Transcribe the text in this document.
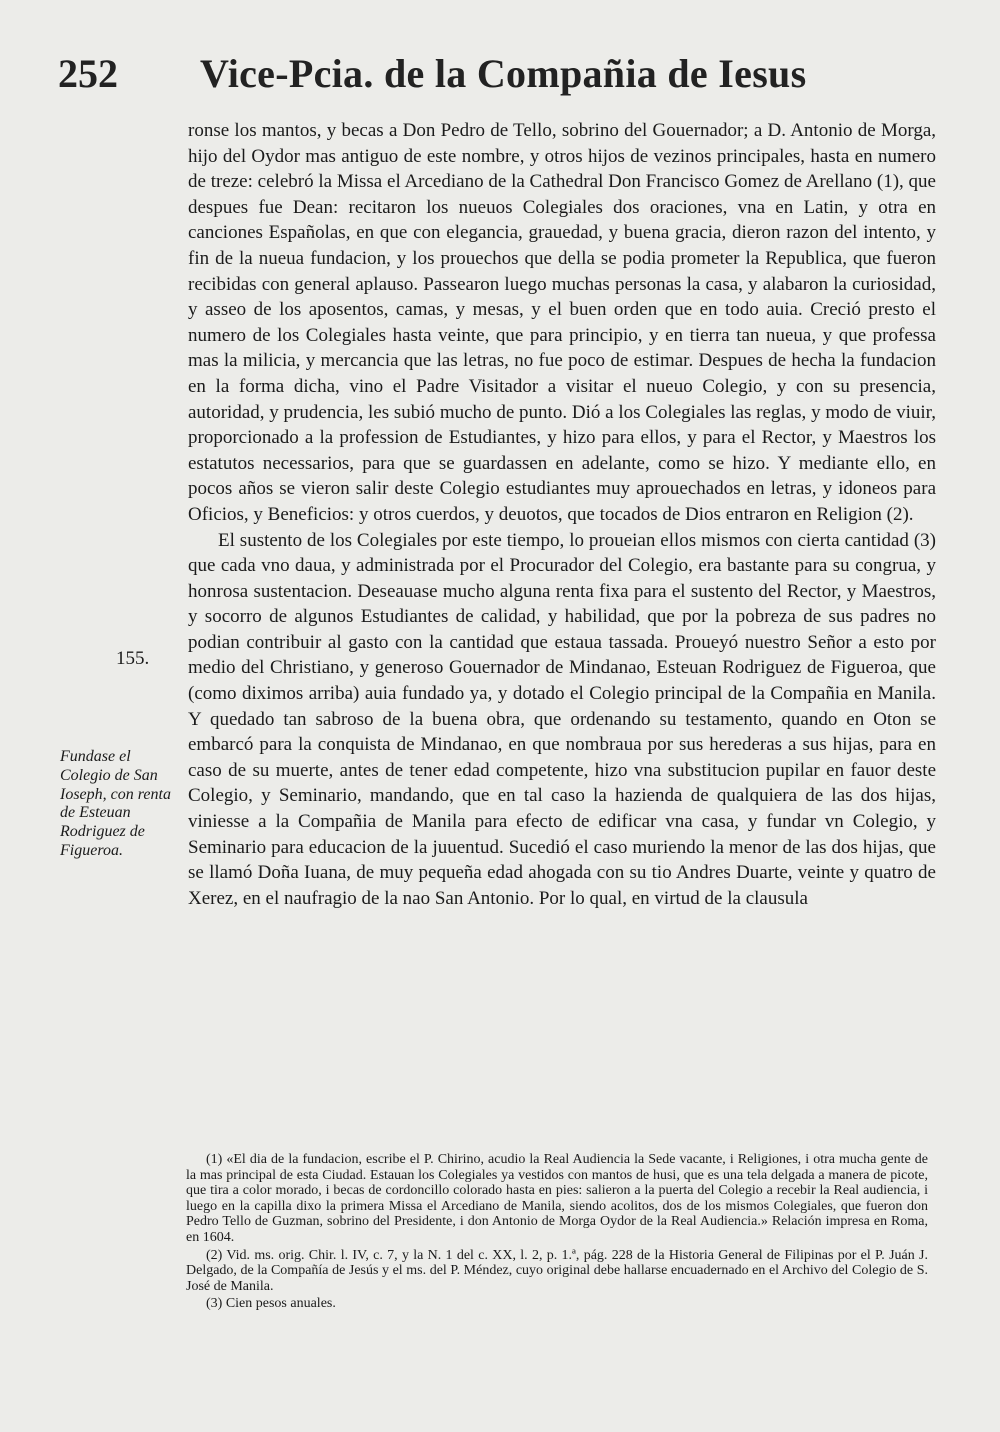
252 Vice-Pcia. de la Compañia de Iesus

ronse los mantos, y becas a Don Pedro de Tello, sobrino del Gouernador; a D. Antonio de Morga, hijo del Oydor mas antiguo de este nombre, y otros hijos de vezinos principales, hasta en numero de treze: celebró la Missa el Arcediano de la Cathedral Don Francisco Gomez de Arellano (1), que despues fue Dean: recitaron los nueuos Colegiales dos oraciones, vna en Latin, y otra en canciones Españolas, en que con elegancia, grauedad, y buena gracia, dieron razon del intento, y fin de la nueua fundacion, y los prouechos que della se podia prometer la Republica, que fueron recibidas con general aplauso. Passearon luego muchas personas la casa, y alabaron la curiosidad, y asseo de los aposentos, camas, y mesas, y el buen orden que en todo auia. Creció presto el numero de los Colegiales hasta veinte, que para principio, y en tierra tan nueua, y que professa mas la milicia, y mercancia que las letras, no fue poco de estimar. Despues de hecha la fundacion en la forma dicha, vino el Padre Visitador a visitar el nueuo Colegio, y con su presencia, autoridad, y prudencia, les subió mucho de punto. Dió a los Colegiales las reglas, y modo de viuir, proporcionado a la profession de Estudiantes, y hizo para ellos, y para el Rector, y Maestros los estatutos necessarios, para que se guardassen en adelante, como se hizo. Y mediante ello, en pocos años se vieron salir deste Colegio estudiantes muy aprouechados en letras, y idoneos para Oficios, y Beneficios: y otros cuerdos, y deuotos, que tocados de Dios entraron en Religion (2).

El sustento de los Colegiales por este tiempo, lo proueian ellos mismos con cierta cantidad (3) que cada vno daua, y administrada por el Procurador del Colegio, era bastante para su congrua, y honrosa sustentacion. Deseauase mucho alguna renta fixa para el sustento del Rector, y Maestros, y socorro de algunos Estudiantes de calidad, y habilidad, que por la pobreza de sus padres no podian contribuir al gasto con la cantidad que estaua tassada. Proueyó nuestro Señor a esto por medio del Christiano, y generoso Gouernador de Mindanao, Esteuan Rodriguez de Figueroa, que (como diximos arriba) auia fundado ya, y dotado el Colegio principal de la Compañia en Manila. Y quedado tan sabroso de la buena obra, que ordenando su testamento, quando en Oton se embarcó para la conquista de Mindanao, en que nombraua por sus herederas a sus hijas, para en caso de su muerte, antes de tener edad competente, hizo vna substitucion pupilar en fauor deste Colegio, y Seminario, mandando, que en tal caso la hazienda de qualquiera de las dos hijas, viniesse a la Compañia de Manila para efecto de edificar vna casa, y fundar vn Colegio, y Seminario para educacion de la juuentud. Sucedió el caso muriendo la menor de las dos hijas, que se llamó Doña Iuana, de muy pequeña edad ahogada con su tio Andres Duarte, veinte y quatro de Xerez, en el naufragio de la nao San Antonio. Por lo qual, en virtud de la clausula

155.

Fundase el Colegio de San Ioseph, con renta de Esteuan Rodriguez de Figueroa.

(1) «El dia de la fundacion, escribe el P. Chirino, acudio la Real Audiencia la Sede vacante, i Religiones, i otra mucha gente de la mas principal de esta Ciudad. Estauan los Colegiales ya vestidos con mantos de husi, que es una tela delgada a manera de picote, que tira a color morado, i becas de cordoncillo colorado hasta en pies: salieron a la puerta del Colegio a recebir la Real audiencia, i luego en la capilla dixo la primera Missa el Arcediano de Manila, siendo acolitos, dos de los mismos Colegiales, que fueron don Pedro Tello de Guzman, sobrino del Presidente, i don Antonio de Morga Oydor de la Real Audiencia.» Relación impresa en Roma, en 1604.

(2) Vid. ms. orig. Chir. l. IV, c. 7, y la N. 1 del c. XX, l. 2, p. 1.ª, pág. 228 de la Historia General de Filipinas por el P. Juán J. Delgado, de la Compañía de Jesús y el ms. del P. Méndez, cuyo original debe hallarse encuadernado en el Archivo del Colegio de S. José de Manila.

(3) Cien pesos anuales.
